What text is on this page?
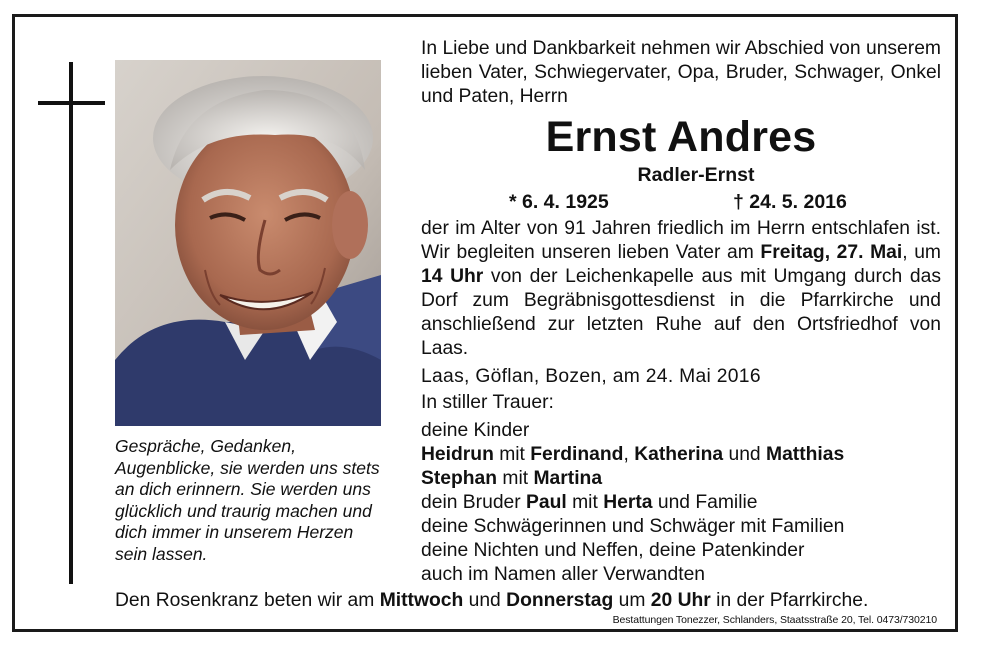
Gespräche, Gedanken, Augenblicke, sie werden uns stets an dich erinnern. Sie werden uns glücklich und traurig machen und dich immer in unserem Herzen sein lassen.
In Liebe und Dankbarkeit nehmen wir Abschied von unserem lieben Vater, Schwiegervater, Opa, Bruder, Schwager, Onkel und Paten, Herrn
Ernst Andres
Radler-Ernst
* 6. 4. 1925	† 24. 5. 2016
der im Alter von 91 Jahren friedlich im Herrn entschlafen ist. Wir begleiten unseren lieben Vater am Freitag, 27. Mai, um 14 Uhr von der Leichenkapelle aus mit Umgang durch das Dorf zum Begräbnisgottesdienst in die Pfarrkirche und anschließend zur letzten Ruhe auf den Ortsfriedhof von Laas.
Laas, Göflan, Bozen, am 24. Mai 2016
In stiller Trauer:
deine Kinder
Heidrun mit Ferdinand, Katherina und Matthias
Stephan mit Martina
dein Bruder Paul mit Herta und Familie
deine Schwägerinnen und Schwäger mit Familien
deine Nichten und Neffen, deine Patenkinder
auch im Namen aller Verwandten
Den Rosenkranz beten wir am Mittwoch und Donnerstag um 20 Uhr in der Pfarrkirche.
Bestattungen Tonezzer, Schlanders, Staatsstraße 20, Tel. 0473/730210
